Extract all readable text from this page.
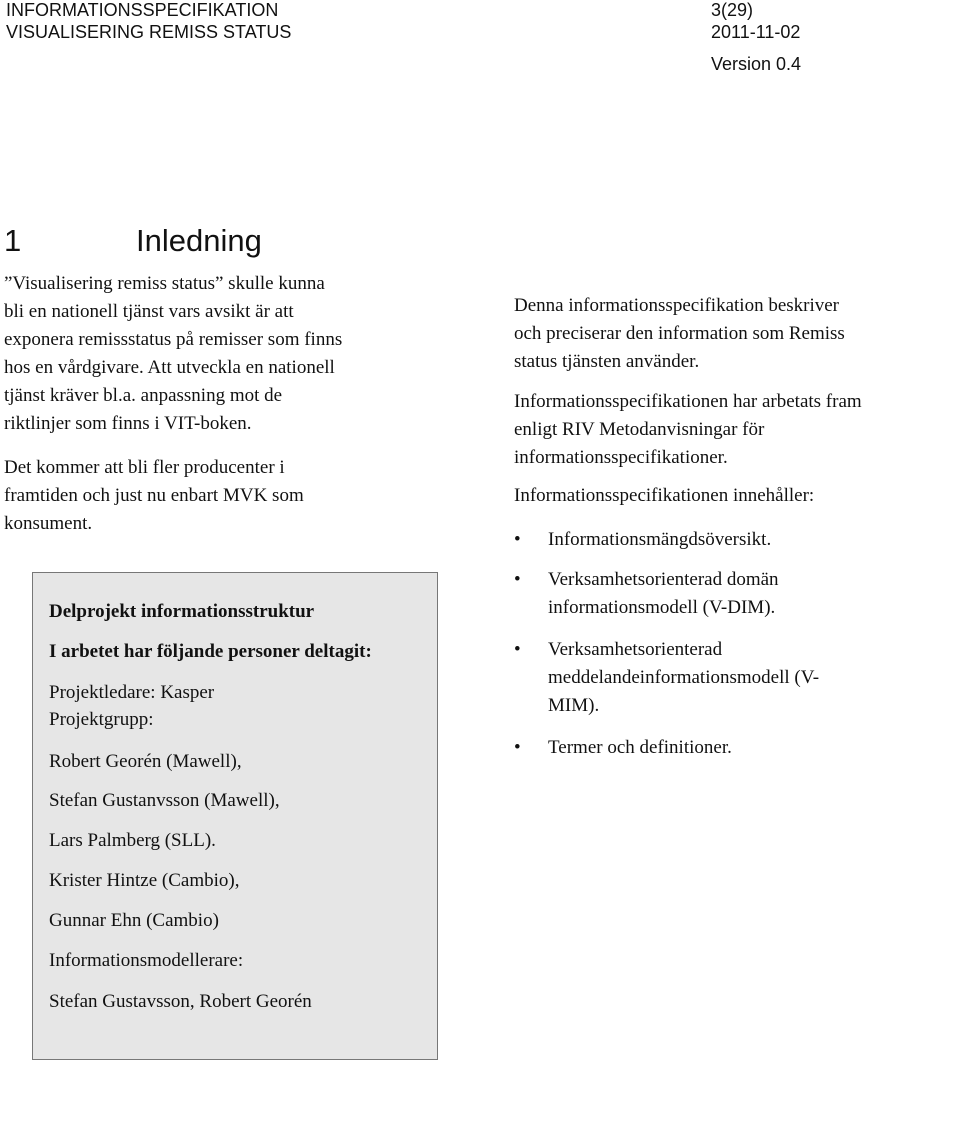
INFORMATIONSSPECIFIKATION
VISUALISERING REMISS STATUS
3(29)
2011-11-02
Version 0.4
1	Inledning

”Visualisering remiss status” skulle kunna

bli en nationell tjänst vars avsikt är att

exponera remissstatus på remisser som finns

hos en vårdgivare. Att utveckla en nationell

tjänst kräver bl.a. anpassning mot de

riktlinjer som finns i VIT-boken.

Det kommer att bli fler producenter i

framtiden och just nu enbart MVK som

konsument.

Delprojekt informationsstruktur
I arbetet har följande personer deltagit:
Projektledare: Kasper
Projektgrupp:
Robert Georén (Mawell),
Stefan Gustanvsson (Mawell),
Lars Palmberg (SLL).
Krister Hintze (Cambio),
Gunnar Ehn (Cambio)
Informationsmodellerare:
Stefan Gustavsson, Robert Georén

Denna informationsspecifikation beskriver

och preciserar den information som Remiss

status tjänsten använder.

Informationsspecifikationen har arbetats fram

enligt RIV Metodanvisningar för

informationsspecifikationer.

Informationsspecifikationen innehåller:

•	Informationsmängdsöversikt.
•	Verksamhetsorienterad domän
informationsmodell (V-DIM).
•	Verksamhetsorienterad
meddelandeinformationsmodell (V-
MIM).
•	Termer och definitioner.
